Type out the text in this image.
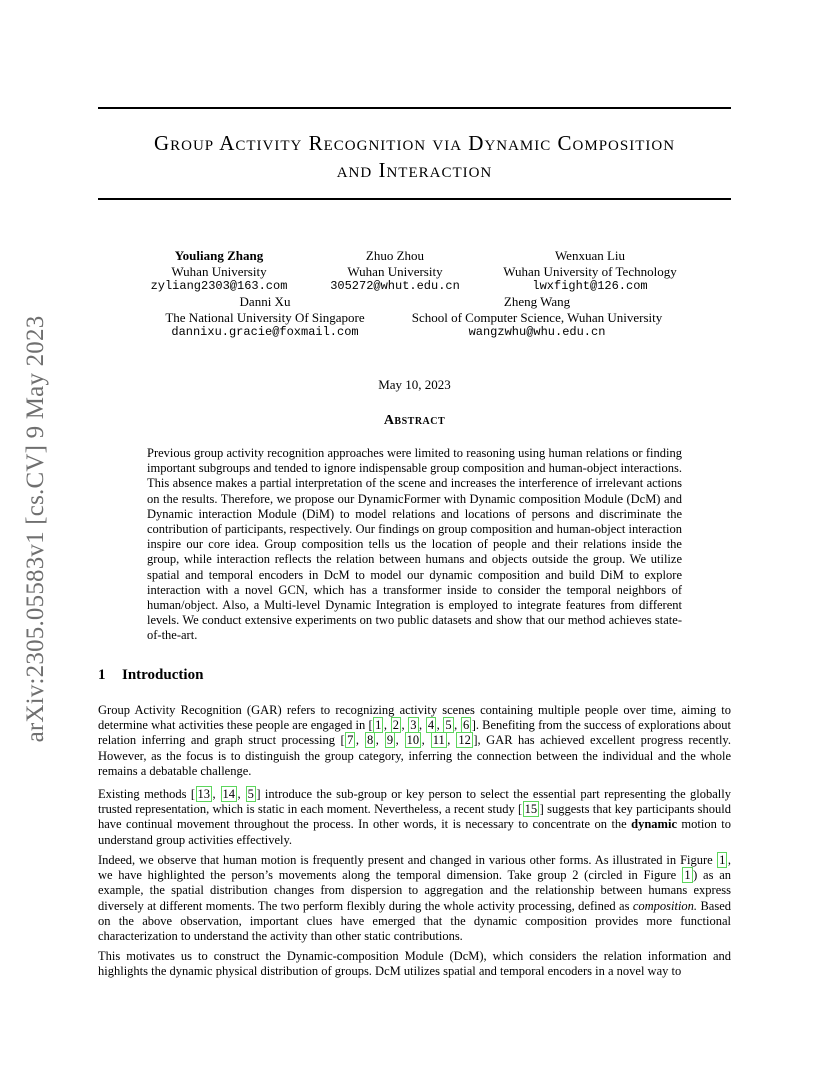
arXiv:2305.05583v1 [cs.CV] 9 May 2023
Group Activity Recognition via Dynamic Composition
and Interaction
Youliang Zhang
Wuhan University
zyliang2303@163.com
Zhuo Zhou
Wuhan University
305272@whut.edu.cn
Wenxuan Liu
Wuhan University of Technology
lwxfight@126.com
Danni Xu
The National University Of Singapore
dannixu.gracie@foxmail.com
Zheng Wang
School of Computer Science, Wuhan University
wangzwhu@whu.edu.cn
May 10, 2023
Abstract
Previous group activity recognition approaches were limited to reasoning using human relations or finding important subgroups and tended to ignore indispensable group composition and human-object interactions. This absence makes a partial interpretation of the scene and increases the interference of irrelevant actions on the results. Therefore, we propose our DynamicFormer with Dynamic composition Module (DcM) and Dynamic interaction Module (DiM) to model relations and locations of persons and discriminate the contribution of participants, respectively. Our findings on group composition and human-object interaction inspire our core idea. Group composition tells us the location of people and their relations inside the group, while interaction reflects the relation between humans and objects outside the group. We utilize spatial and temporal encoders in DcM to model our dynamic composition and build DiM to explore interaction with a novel GCN, which has a transformer inside to consider the temporal neighbors of human/object. Also, a Multi-level Dynamic Integration is employed to integrate features from different levels. We conduct extensive experiments on two public datasets and show that our method achieves state-of-the-art.
1 Introduction
Group Activity Recognition (GAR) refers to recognizing activity scenes containing multiple people over time, aiming to determine what activities these people are engaged in [ 1 , 2 , 3 , 4 , 5 , 6 ]. Benefiting from the success of explorations about relation inferring and graph struct processing [ 7 , 8 , 9 , 10 , 11 , 12 ], GAR has achieved excellent progress recently. However, as the focus is to distinguish the group category, inferring the connection between the individual and the whole remains a debatable challenge.
Existing methods [ 13 , 14 , 5 ] introduce the sub-group or key person to select the essential part representing the globally trusted representation, which is static in each moment. Nevertheless, a recent study [ 15 ] suggests that key participants should have continual movement throughout the process. In other words, it is necessary to concentrate on the dynamic motion to understand group activities effectively.
Indeed, we observe that human motion is frequently present and changed in various other forms. As illustrated in Figure 1 , we have highlighted the person’s movements along the temporal dimension. Take group 2 (circled in Figure 1 ) as an example, the spatial distribution changes from dispersion to aggregation and the relationship between humans express diversely at different moments. The two perform flexibly during the whole activity processing, defined as composition. Based on the above observation, important clues have emerged that the dynamic composition provides more functional characterization to understand the activity than other static contributions.
This motivates us to construct the Dynamic-composition Module (DcM), which considers the relation information and highlights the dynamic physical distribution of groups. DcM utilizes spatial and temporal encoders in a novel way to
